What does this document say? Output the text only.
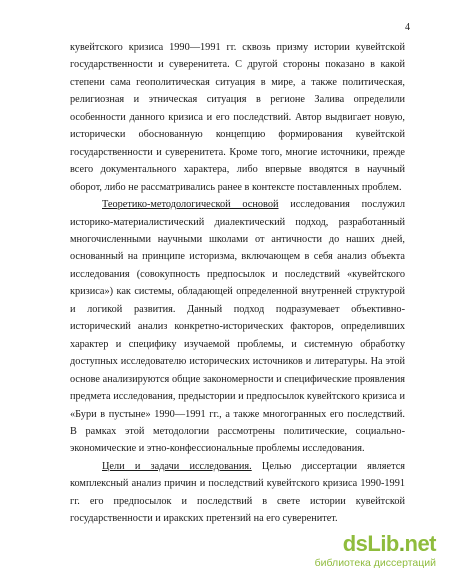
4

кувейтского кризиса 1990—1991 гг. сквозь призму истории кувейтской государственности и суверенитета. С другой стороны показано в какой степени сама геополитическая ситуация в мире, а также политическая, религиозная и этническая ситуация в регионе Залива определили особенности данного кризиса и его последствий. Автор выдвигает новую, исторически обоснованную концепцию формирования кувейтской государственности и суверенитета. Кроме того, многие источники, прежде всего документального характера, либо впервые вводятся в научный оборот, либо не рассматривались ранее в контексте поставленных проблем.

Теоретико-методологической основой исследования послужил историко-материалистический диалектический подход, разработанный многочисленными научными школами от античности до наших дней, основанный на принципе историзма, включающем в себя анализ объекта исследования (совокупность предпосылок и последствий «кувейтского кризиса») как системы, обладающей определенной внутренней структурой и логикой развития. Данный подход подразумевает объективно-исторический анализ конкретно-исторических факторов, определивших характер и специфику изучаемой проблемы, и системную обработку доступных исследователю исторических источников и литературы. На этой основе анализируются общие закономерности и специфические проявления предмета исследования, предыстории и предпосылок кувейтского кризиса и «Бури в пустыне» 1990—1991 гг., а также многогранных его последствий. В рамках этой методологии рассмотрены политические, социально-экономические и этно-конфессиональные проблемы исследования.

Цели и задачи исследования. Целью диссертации является комплексный анализ причин и последствий кувейтского кризиса 1990-1991 гг. его предпосылок и последствий в свете истории кувейтской государственности и иракских претензий на его суверенитет.

dsLib.net
библиотека диссертаций
